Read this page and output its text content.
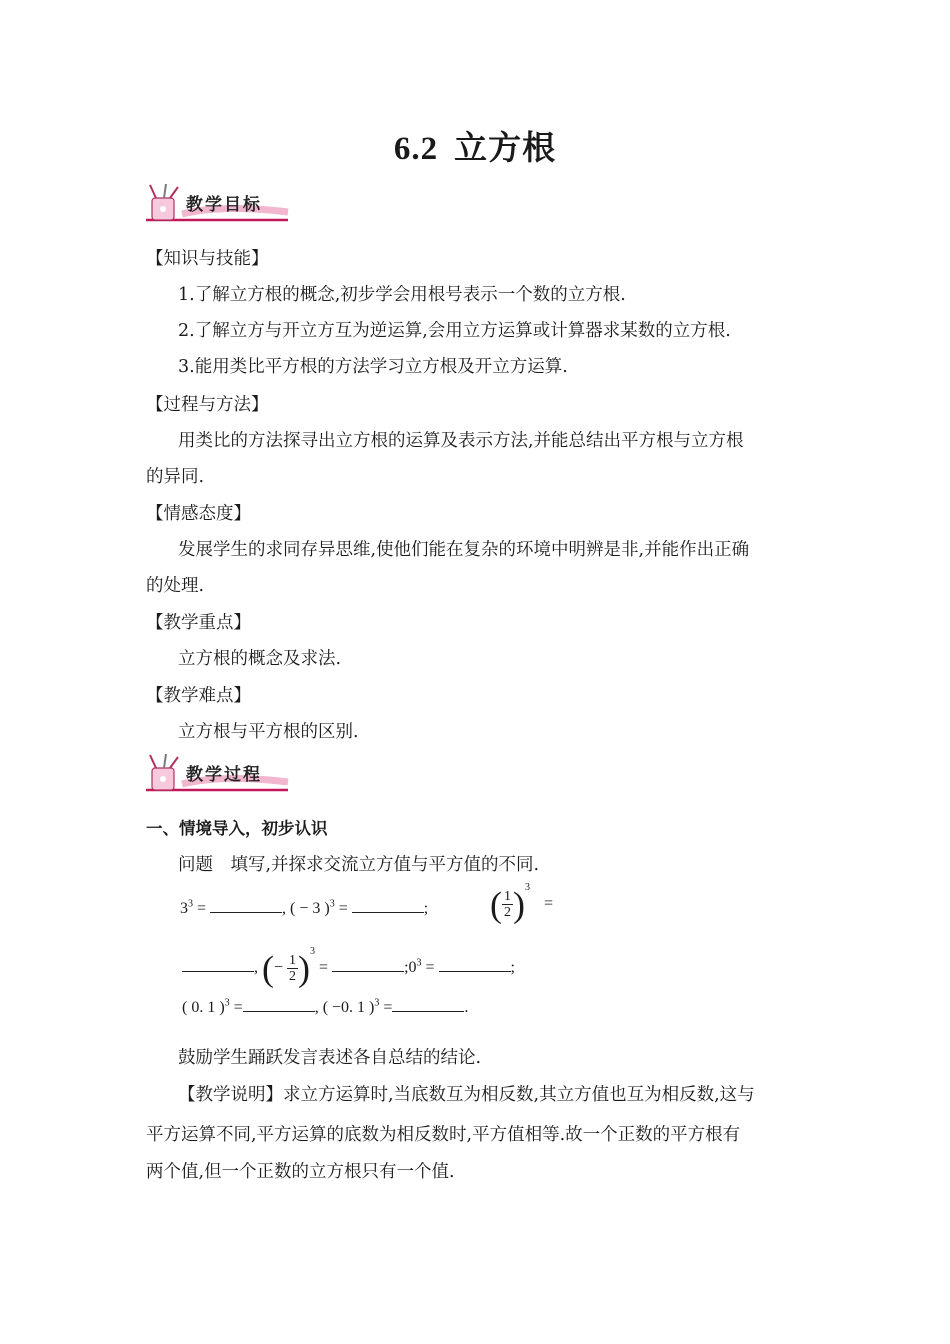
6.2 立方根
教学目标
【知识与技能】
1.了解立方根的概念,初步学会用根号表示一个数的立方根.
2.了解立方与开立方互为逆运算,会用立方运算或计算器求某数的立方根.
3.能用类比平方根的方法学习立方根及开立方运算.
【过程与方法】
用类比的方法探寻出立方根的运算及表示方法,并能总结出平方根与立方根
的异同.
【情感态度】
发展学生的求同存异思维,使他们能在复杂的环境中明辨是非,并能作出正确
的处理.
【教学重点】
立方根的概念及求法.
【教学难点】
立方根与平方根的区别.
教学过程
一、情境导入，初步认识
问题　填写,并探求交流立方值与平方值的不同.
$3^3$ =	, ( − 3 )$^3$ =	; ( $\frac{1}{2} )^3$ =
, (− $\frac{1}{2} )^3$ =	$;0^3$ =	;
( 0. 1 )$^3$ =	, ( −0. 1 )$^3$ =	.
鼓励学生踊跃发言表述各自总结的结论.
【教学说明】求立方运算时,当底数互为相反数,其立方值也互为相反数,这与
平方运算不同,平方运算的底数为相反数时,平方值相等.故一个正数的平方根有
两个值,但一个正数的立方根只有一个值.
